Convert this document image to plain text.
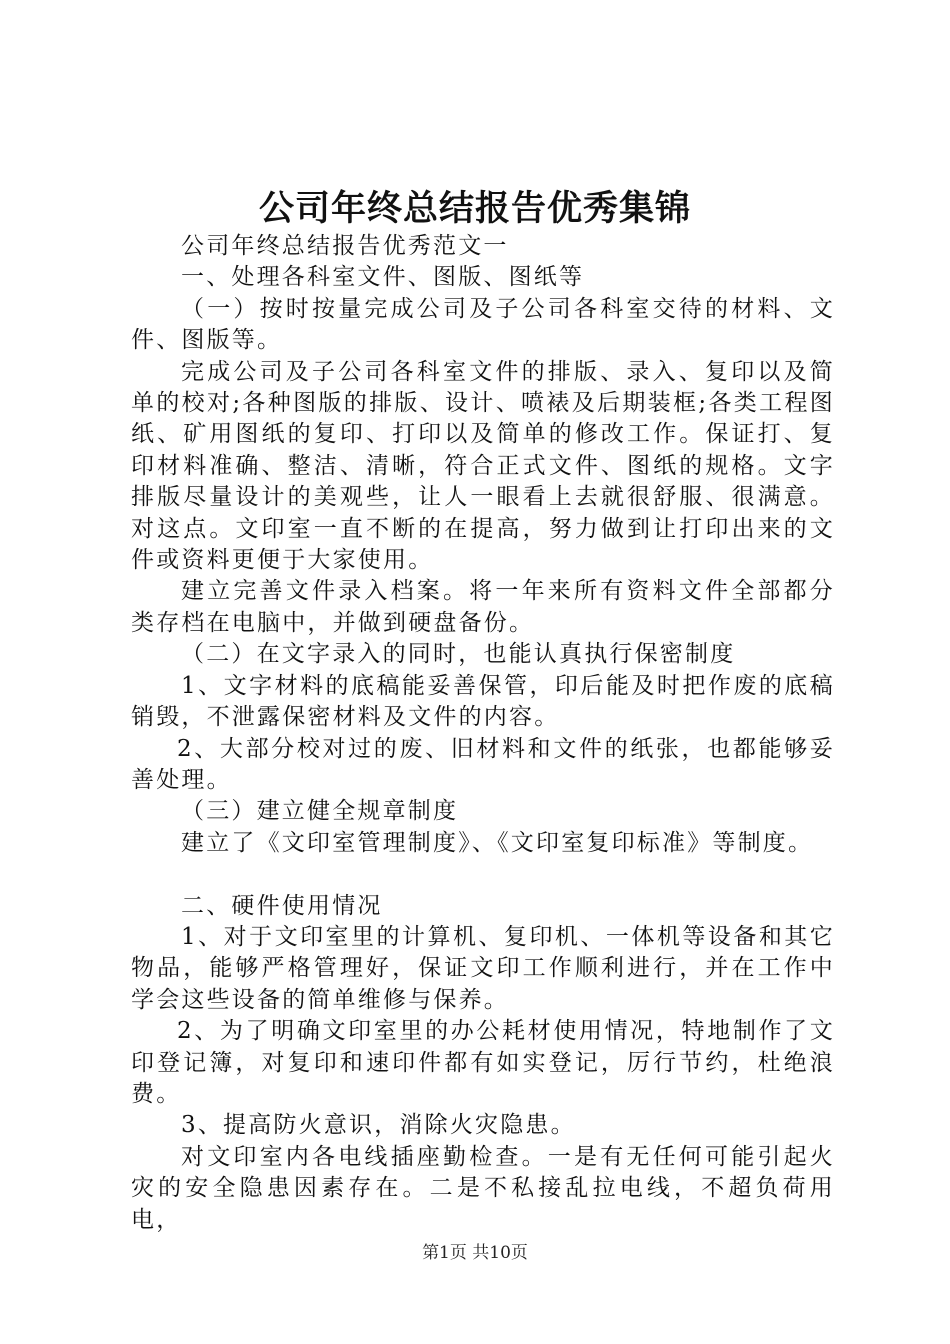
公司年终总结报告优秀集锦

公司年终总结报告优秀范文一

一、处理各科室文件、图版、图纸等

（一）按时按量完成公司及子公司各科室交待的材料、文件、图版等。

完成公司及子公司各科室文件的排版、录入、复印以及简单的校对;各种图版的排版、设计、喷裱及后期装框;各类工程图纸、矿用图纸的复印、打印以及简单的修改工作。保证打、复印材料准确、整洁、清晰，符合正式文件、图纸的规格。文字排版尽量设计的美观些，让人一眼看上去就很舒服、很满意。对这点。文印室一直不断的在提高，努力做到让打印出来的文件或资料更便于大家使用。

建立完善文件录入档案。将一年来所有资料文件全部都分类存档在电脑中，并做到硬盘备份。

（二）在文字录入的同时，也能认真执行保密制度

1、文字材料的底稿能妥善保管，印后能及时把作废的底稿销毁，不泄露保密材料及文件的内容。

2、大部分校对过的废、旧材料和文件的纸张，也都能够妥善处理。

（三）建立健全规章制度

建立了《文印室管理制度》、《文印室复印标准》等制度。

二、硬件使用情况

1、对于文印室里的计算机、复印机、一体机等设备和其它物品，能够严格管理好，保证文印工作顺利进行，并在工作中学会这些设备的简单维修与保养。

2、为了明确文印室里的办公耗材使用情况，特地制作了文印登记簿，对复印和速印件都有如实登记，厉行节约，杜绝浪费。

3、提高防火意识，消除火灾隐患。

对文印室内各电线插座勤检查。一是有无任何可能引起火灾的安全隐患因素存在。二是不私接乱拉电线，不超负荷用电，

第1页 共10页
